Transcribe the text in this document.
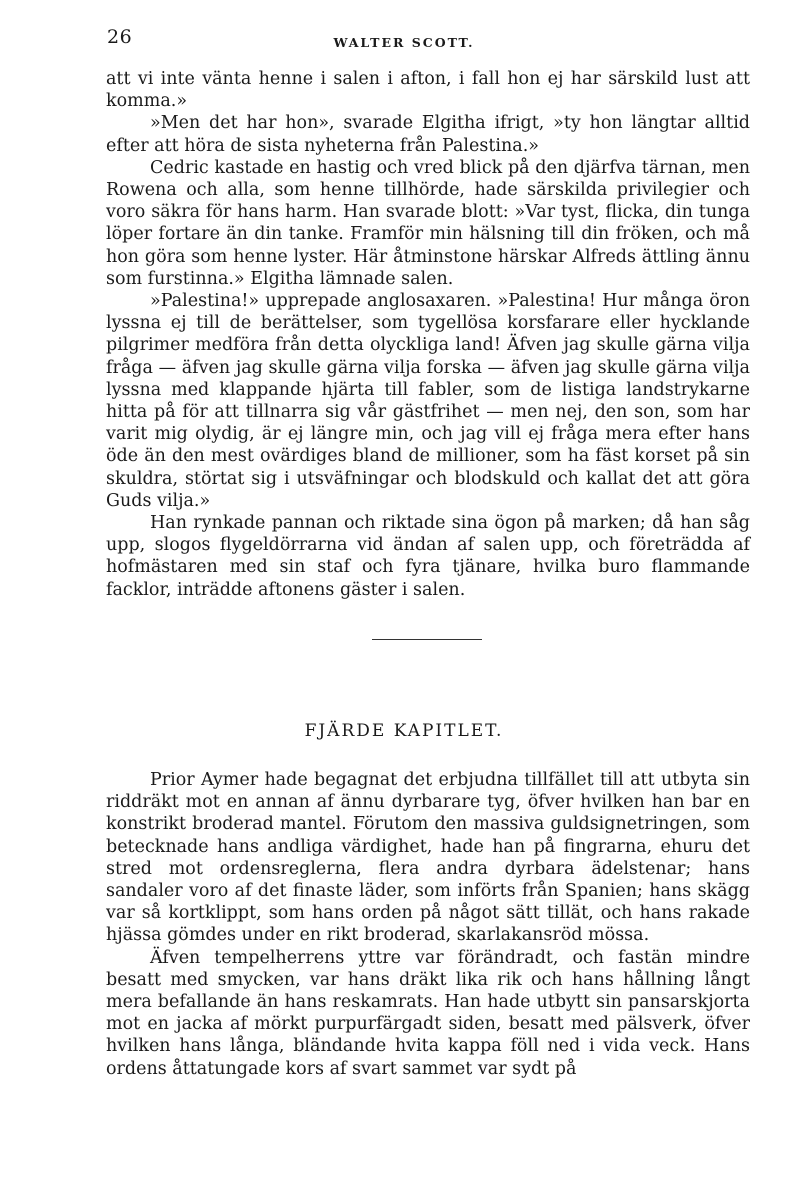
26	WALTER SCOTT.

att vi inte vänta henne i salen i afton, i fall hon ej har särskild lust att komma.»

»Men det har hon», svarade Elgitha ifrigt, »ty hon längtar alltid efter att höra de sista nyheterna från Palestina.»

Cedric kastade en hastig och vred blick på den djärfva tärnan, men Rowena och alla, som henne tillhörde, hade särskilda privilegier och voro säkra för hans harm. Han svarade blott: »Var tyst, flicka, din tunga löper fortare än din tanke. Framför min hälsning till din fröken, och må hon göra som henne lyster. Här åtminstone härskar Alfreds ättling ännu som furstinna.» Elgitha lämnade salen.

»Palestina!» upprepade anglosaxaren. »Palestina! Hur många öron lyssna ej till de berättelser, som tygellösa korsfarare eller hycklande pilgrimer medföra från detta olyckliga land! Äfven jag skulle gärna vilja fråga — äfven jag skulle gärna vilja forska — äfven jag skulle gärna vilja lyssna med klappande hjärta till fabler, som de listiga landstrykarne hitta på för att tillnarra sig vår gästfrihet — men nej, den son, som har varit mig olydig, är ej längre min, och jag vill ej fråga mera efter hans öde än den mest ovärdiges bland de millioner, som ha fäst korset på sin skuldra, störtat sig i utsväfningar och blodskuld och kallat det att göra Guds vilja.»

Han rynkade pannan och riktade sina ögon på marken; då han såg upp, slogos flygeldörrarna vid ändan af salen upp, och företrädda af hofmästaren med sin staf och fyra tjänare, hvilka buro flammande facklor, inträdde aftonens gäster i salen.

FJÄRDE KAPITLET.

Prior Aymer hade begagnat det erbjudna tillfället till att utbyta sin riddräkt mot en annan af ännu dyrbarare tyg, öfver hvilken han bar en konstrikt broderad mantel. Förutom den massiva guldsignetringen, som betecknade hans andliga värdighet, hade han på fingrarna, ehuru det stred mot ordensreglerna, flera andra dyrbara ädelstenar; hans sandaler voro af det finaste läder, som införts från Spanien; hans skägg var så kortklippt, som hans orden på något sätt tillät, och hans rakade hjässa gömdes under en rikt broderad, skarlakansröd mössa.

Äfven tempelherrens yttre var förändradt, och fastän mindre besatt med smycken, var hans dräkt lika rik och hans hållning långt mera befallande än hans reskamrats. Han hade utbytt sin pansarskjorta mot en jacka af mörkt purpurfärgadt siden, besatt med pälsverk, öfver hvilken hans långa, bländande hvita kappa föll ned i vida veck. Hans ordens åttatungade kors af svart sammet var sydt på
